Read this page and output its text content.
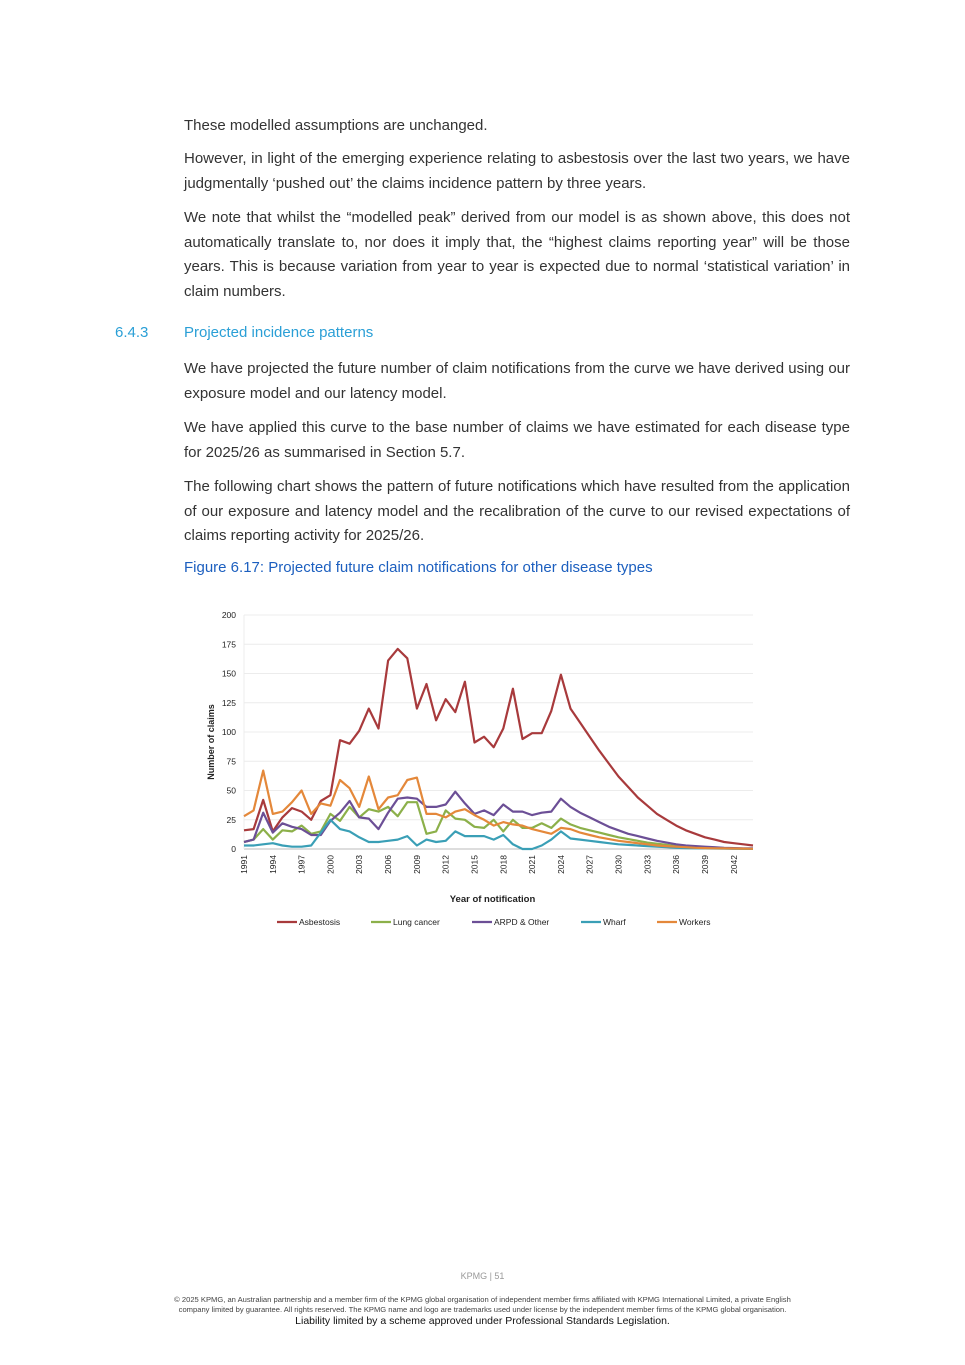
These modelled assumptions are unchanged.

However, in light of the emerging experience relating to asbestosis over the last two years, we have judgmentally ‘pushed out’ the claims incidence pattern by three years.

We note that whilst the “modelled peak” derived from our model is as shown above, this does not automatically translate to, nor does it imply that, the “highest claims reporting year” will be those years. This is because variation from year to year is expected due to normal ‘statistical variation’ in claim numbers.

6.4.3 Projected incidence patterns

We have projected the future number of claim notifications from the curve we have derived using our exposure model and our latency model.

We have applied this curve to the base number of claims we have estimated for each disease type for 2025/26 as summarised in Section 5.7.

The following chart shows the pattern of future notifications which have resulted from the application of our exposure and latency model and the recalibration of the curve to our revised expectations of claims reporting activity for 2025/26.

Figure 6.17: Projected future claim notifications for other disease types

0
25
50
75
100
125
150
175
200
1991 1994 1997 2000 2003 2006 2009 2012 2015 2018 2021 2024 2027 2030 2033 2036 2039 2042
Number of claims
Year of notification
Asbestosis	Lung cancer	ARPD & Other	Wharf	Workers
KPMG | 51
© 2025 KPMG, an Australian partnership and a member firm of the KPMG global organisation of independent member firms affiliated with KPMG International Limited, a private English
company limited by guarantee. All rights reserved. The KPMG name and logo are trademarks used under license by the independent member firms of the KPMG global organisation.
Liability limited by a scheme approved under Professional Standards Legislation.
